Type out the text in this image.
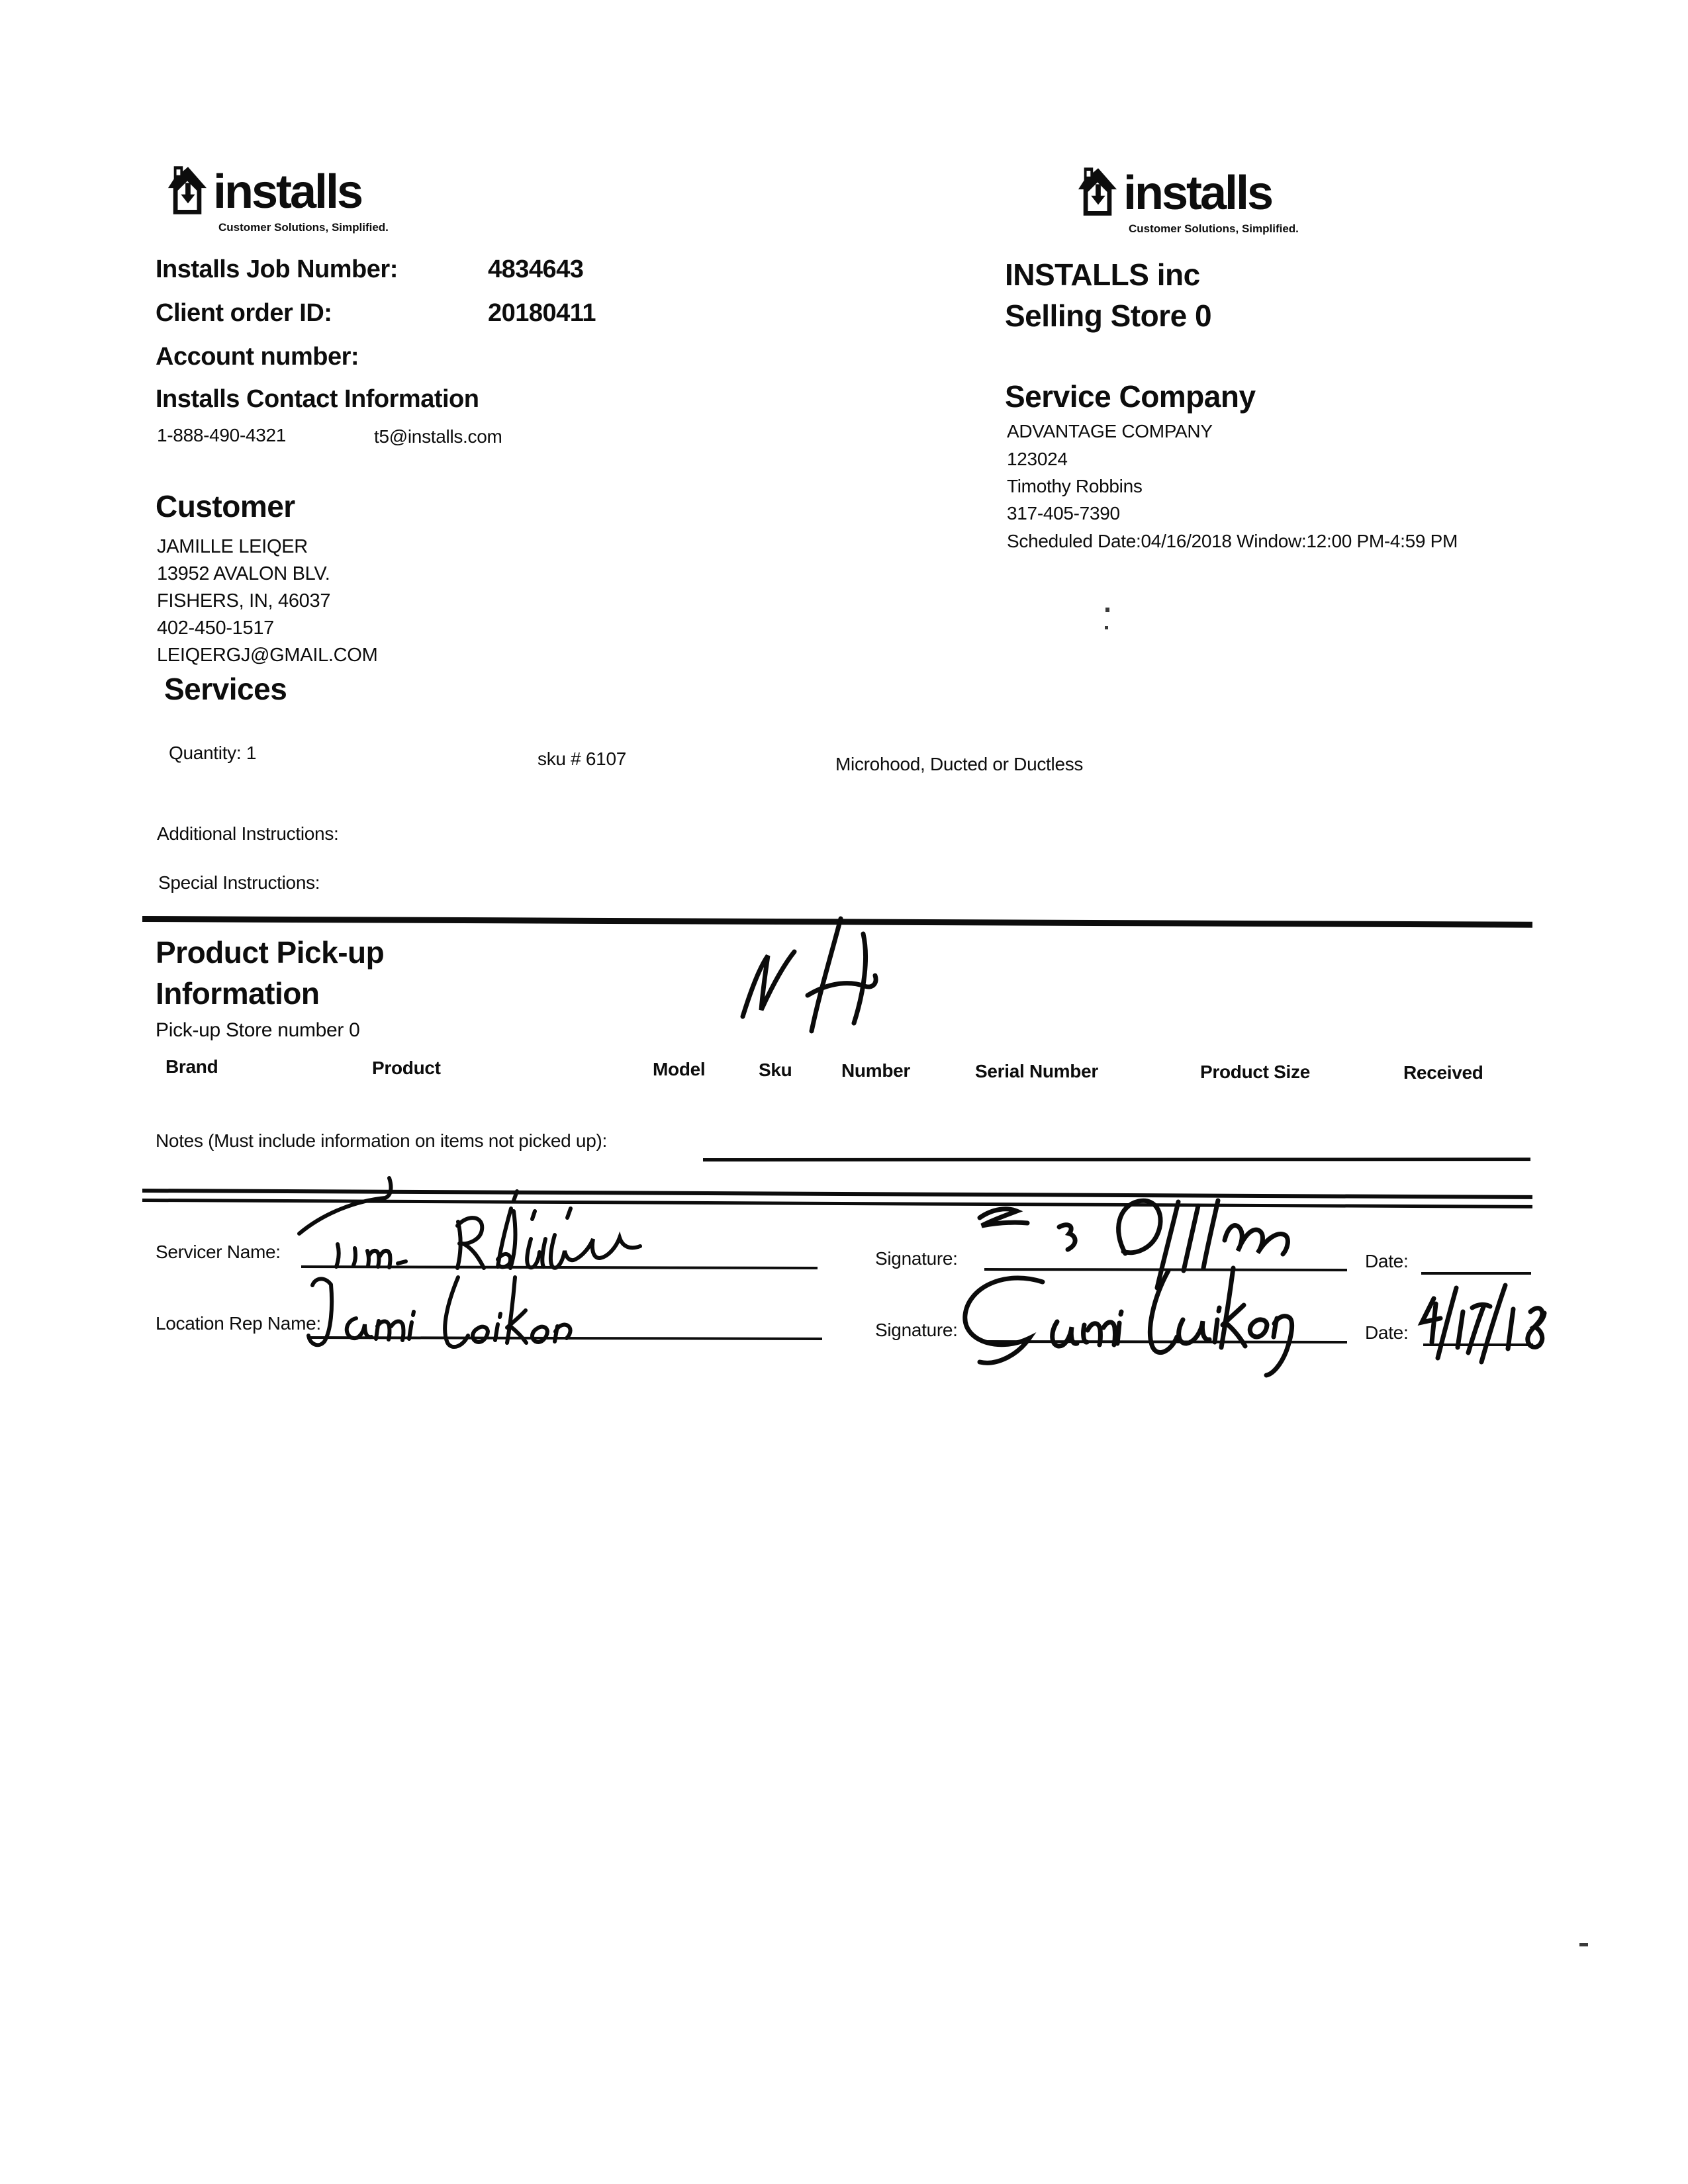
installs
Customer Solutions, Simplified.
installs
Customer Solutions, Simplified.
Installs Job Number:	4834643
Client order ID:	20180411
Account number:
Installs Contact Information
1-888-490-4321	t5@installs.com
INSTALLS inc
Selling Store 0
Service Company
ADVANTAGE COMPANY
123024
Timothy Robbins
317-405-7390
Scheduled Date:04/16/2018 Window:12:00 PM-4:59 PM
Customer
JAMILLE LEIQER
13952 AVALON BLV.
FISHERS, IN, 46037
402-450-1517
LEIQERGJ@GMAIL.COM
Services
Quantity: 1	sku # 6107	Microhood, Ducted or Ductless
Additional Instructions:
Special Instructions:
Product Pick-up
Information
Pick-up Store number 0
Brand	Product	Model	Sku	Number	Serial Number	Product Size	Received
Notes (Must include information on items not picked up):
Servicer Name:	Signature:	Date:
Location Rep Name:	Signature:	Date:
